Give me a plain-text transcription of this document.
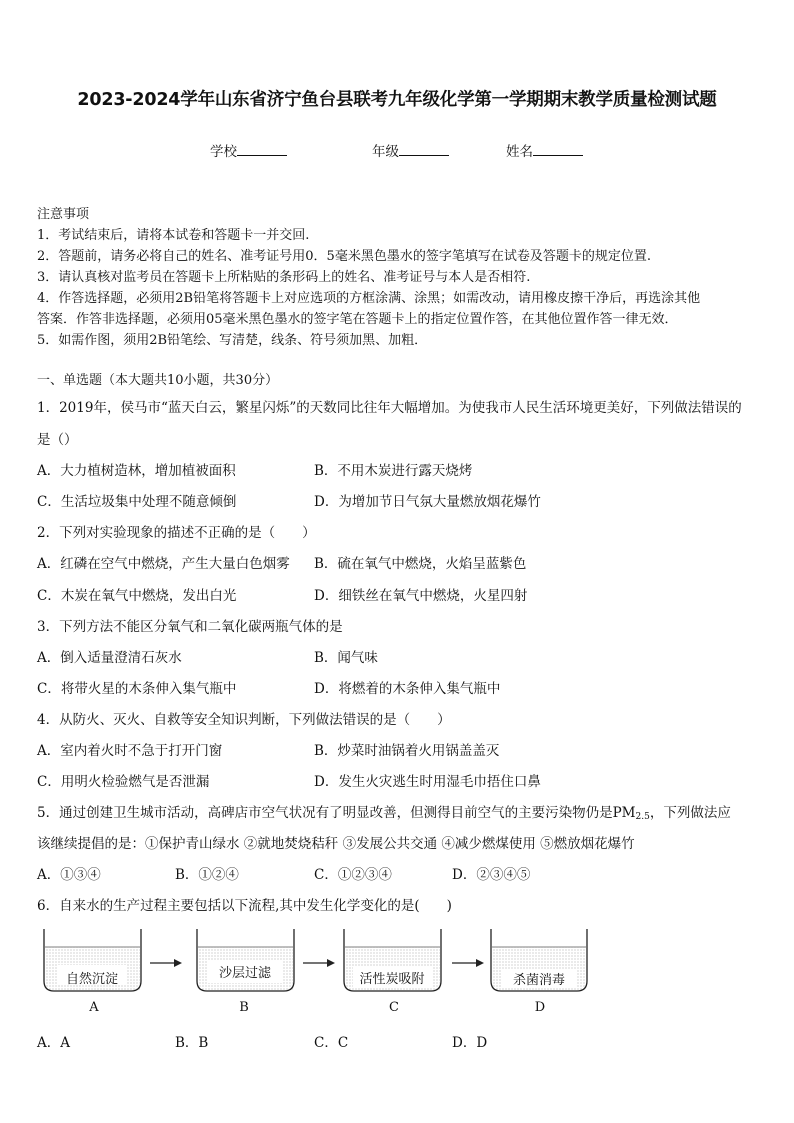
2023-2024学年山东省济宁鱼台县联考九年级化学第一学期期末教学质量检测试题
学校	年级	姓名
注意事项
1．考试结束后，请将本试卷和答题卡一并交回.
2．答题前，请务必将自己的姓名、准考证号用0．5毫米黑色墨水的签字笔填写在试卷及答题卡的规定位置.
3．请认真核对监考员在答题卡上所粘贴的条形码上的姓名、准考证号与本人是否相符.
4．作答选择题，必须用2B铅笔将答题卡上对应选项的方框涂满、涂黑；如需改动，请用橡皮擦干净后，再选涂其他
答案．作答非选择题，必须用05毫米黑色墨水的签字笔在答题卡上的指定位置作答，在其他位置作答一律无效．
5．如需作图，须用2B铅笔绘、写清楚，线条、符号须加黑、加粗．
一、单选题（本大题共10小题，共30分）
1．2019年，侯马市“蓝天白云，繁星闪烁”的天数同比往年大幅增加。为使我市人民生活环境更美好，下列做法错误的
是（）
A．大力植树造林，增加植被面积	B．不用木炭进行露天烧烤
C．生活垃圾集中处理不随意倾倒	D．为增加节日气氛大量燃放烟花爆竹
2．下列对实验现象的描述不正确的是（　　）
A．红磷在空气中燃烧，产生大量白色烟雾 B．硫在氧气中燃烧，火焰呈蓝紫色
C．木炭在氧气中燃烧，发出白光	D．细铁丝在氧气中燃烧，火星四射
3．下列方法不能区分氧气和二氧化碳两瓶气体的是
A．倒入适量澄清石灰水	B．闻气味
C．将带火星的木条伸入集气瓶中	D．将燃着的木条伸入集气瓶中
4．从防火、灭火、自救等安全知识判断，下列做法错误的是（　　）
A．室内着火时不急于打开门窗	B．炒菜时油锅着火用锅盖盖灭
C．用明火检验燃气是否泄漏	D．发生火灾逃生时用湿毛巾捂住口鼻
5．通过创建卫生城市活动，高碑店市空气状况有了明显改善，但测得目前空气的主要污染物仍是$PM_{2.5}$，下列做法应
该继续提倡的是：①保护青山绿水 ②就地焚烧秸秆 ③发展公共交通 ④减少燃煤使用 ⑤燃放烟花爆竹
A．①③④	B．①②④	C．①②③④	D．②③④⑤
6．自来水的生产过程主要包括以下流程,其中发生化学变化的是(　　)
自然沉淀	沙层过滤	活性炭吸附	杀菌消毒
A	B	C	D
A．A	B．B	C．C	D．D
